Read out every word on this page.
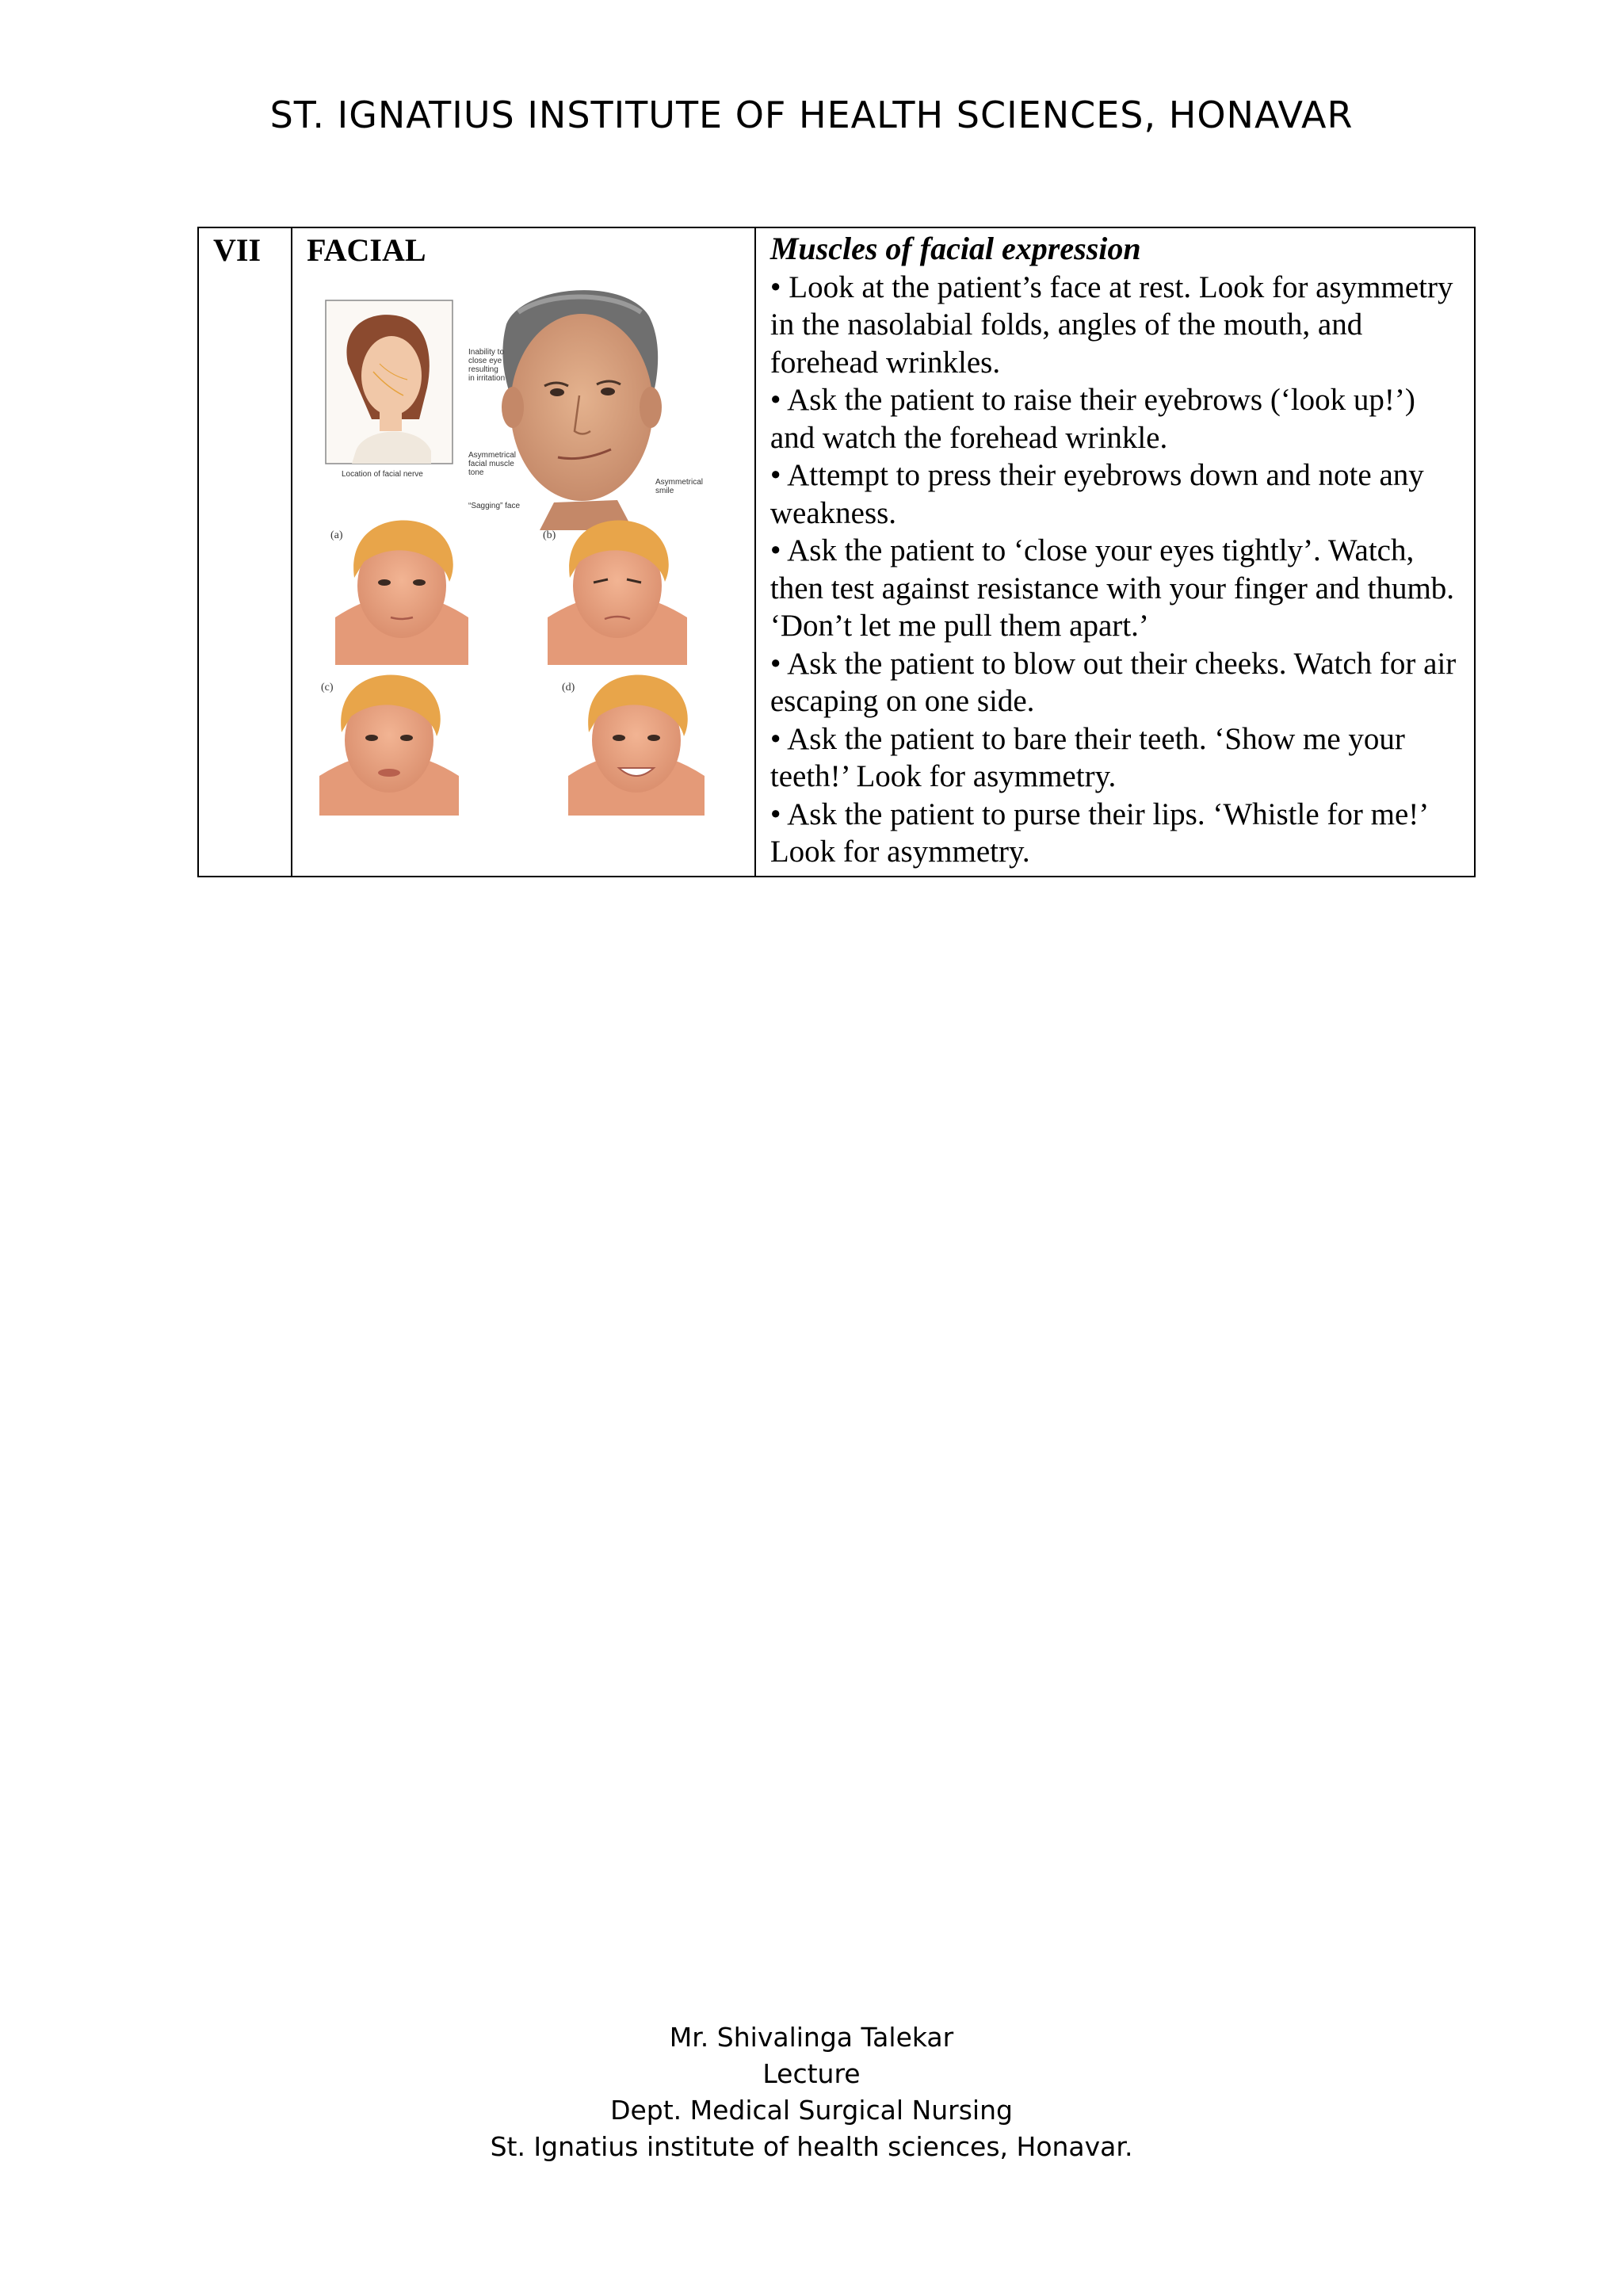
ST. IGNATIUS INSTITUTE OF HEALTH SCIENCES, HONAVAR
VII	FACIAL
Location of facial nerve
Inability to
close eye
resulting
in irritation
Asymmetrical
facial muscle
tone
“Sagging” face
Asymmetrical
smile
(a)	(b)
(c)	(d)

Muscles of facial expression
• Look at the patient’s face at rest. Look for asymmetry in the nasolabial folds, angles of the mouth, and forehead wrinkles.
• Ask the patient to raise their eyebrows (‘look up!’) and watch the forehead wrinkle.
• Attempt to press their eyebrows down and note any weakness.
• Ask the patient to ‘close your eyes tightly’. Watch, then test against resistance with your finger and thumb. ‘Don’t let me pull them apart.’
• Ask the patient to blow out their cheeks. Watch for air escaping on one side.
• Ask the patient to bare their teeth. ‘Show me your teeth!’ Look for asymmetry.
• Ask the patient to purse their lips. ‘Whistle for me!’ Look for asymmetry.
Mr. Shivalinga Talekar
Lecture
Dept. Medical Surgical Nursing
St. Ignatius institute of health sciences, Honavar.
